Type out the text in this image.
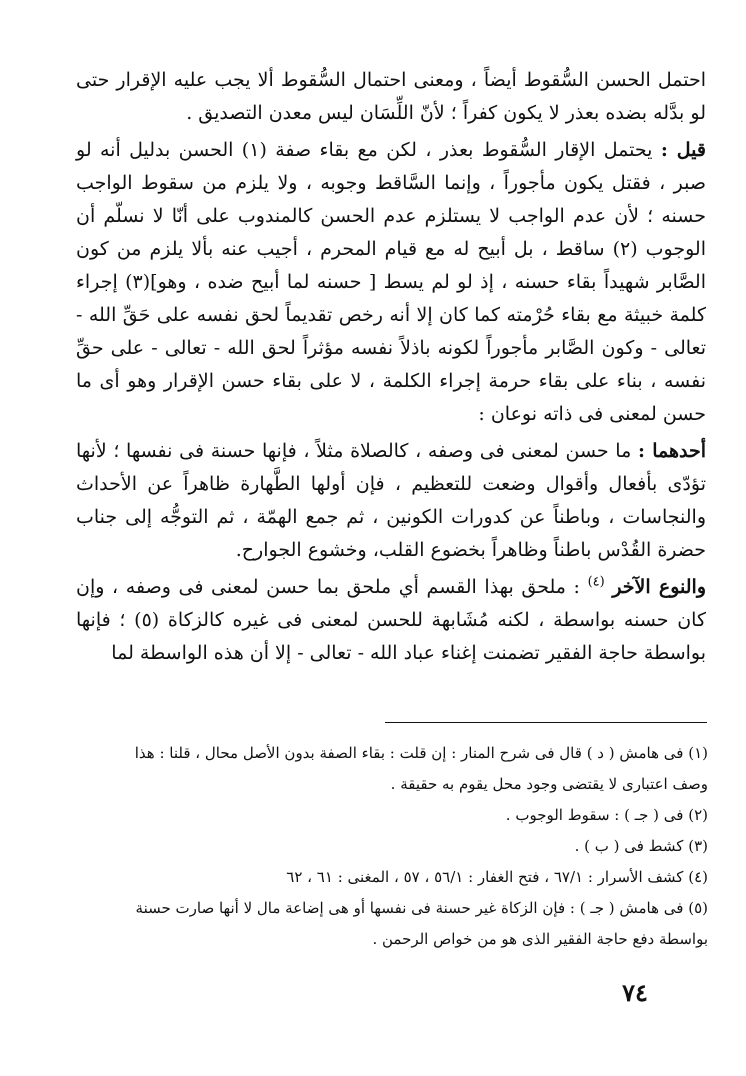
احتمل الحسن السُّقوط أيضاً ، ومعنى احتمال السُّقوط ألا يجب عليه الإقرار حتى لو بدَّله بضده بعذر لا يكون كفراً ؛ لأنّ اللِّسَان ليس معدن التصديق .

قيل : يحتمل الإقار السُّقوط بعذر ، لكن مع بقاء صفة (١) الحسن بدليل أنه لو صبر ، فقتل يكون مأجوراً ، وإنما السَّاقط وجوبه ، ولا يلزم من سقوط الواجب حسنه ؛ لأن عدم الواجب لا يستلزم عدم الحسن كالمندوب على أنّا لا نسلّم أن الوجوب (٢) ساقط ، بل أبيح له مع قيام المحرم ، أجيب عنه بألا يلزم من كون الصَّابر شهيداً بقاء حسنه ، إذ لو لم يسط [ حسنه لما أبيح ضده ، وهو](٣) إجراء كلمة خبيثة مع بقاء حُرْمته كما كان إلا أنه رخص تقديماً لحق نفسه على حَقِّ الله - تعالى - وكون الصَّابر مأجوراً لكونه باذلاً نفسه مؤثراً لحق الله - تعالى - على حقِّ نفسه ، بناء على بقاء حرمة إجراء الكلمة ، لا على بقاء حسن الإقرار وهو أى ما حسن لمعنى فى ذاته نوعان :

أحدهما : ما حسن لمعنى فى وصفه ، كالصلاة مثلاً ، فإنها حسنة فى نفسها ؛ لأنها تؤدّى بأفعال وأقوال وضعت للتعظيم ، فإن أولها الطَّهارة ظاهراً عن الأحداث والنجاسات ، وباطناً عن كدورات الكونين ، ثم جمع الهمّة ، ثم التوجُّه إلى جناب حضرة القُدْس باطناً وظاهراً بخضوع القلب، وخشوع الجوارح.

والنوع الآخر $^{(٤)}$ : ملحق بهذا القسم أي ملحق بما حسن لمعنى فى وصفه ، وإن كان حسنه بواسطة ، لكنه مُشَابهة للحسن لمعنى فى غيره كالزكاة (٥) ؛ فإنها بواسطة حاجة الفقير تضمنت إغناء عباد الله - تعالى - إلا أن هذه الواسطة لما

(١) فى هامش ( د ) قال فى شرح المنار : إن قلت : بقاء الصفة بدون الأصل محال ، قلنا : هذا وصف اعتبارى لا يقتضى وجود محل يقوم به حقيقة .

(٢) فى ( جـ ) : سقوط الوجوب .

(٣) كشط فى ( ب ) .

(٤) كشف الأسرار : ٦٧/١ ، فتح الغفار : ٥٦/١ ، ٥٧ ، المغنى : ٦١ ، ٦٢

(٥) فى هامش ( جـ ) : فإن الزكاة غير حسنة فى نفسها أو هى إضاعة مال لا أنها صارت حسنة بواسطة دفع حاجة الفقير الذى هو من خواص الرحمن .

٧٤
